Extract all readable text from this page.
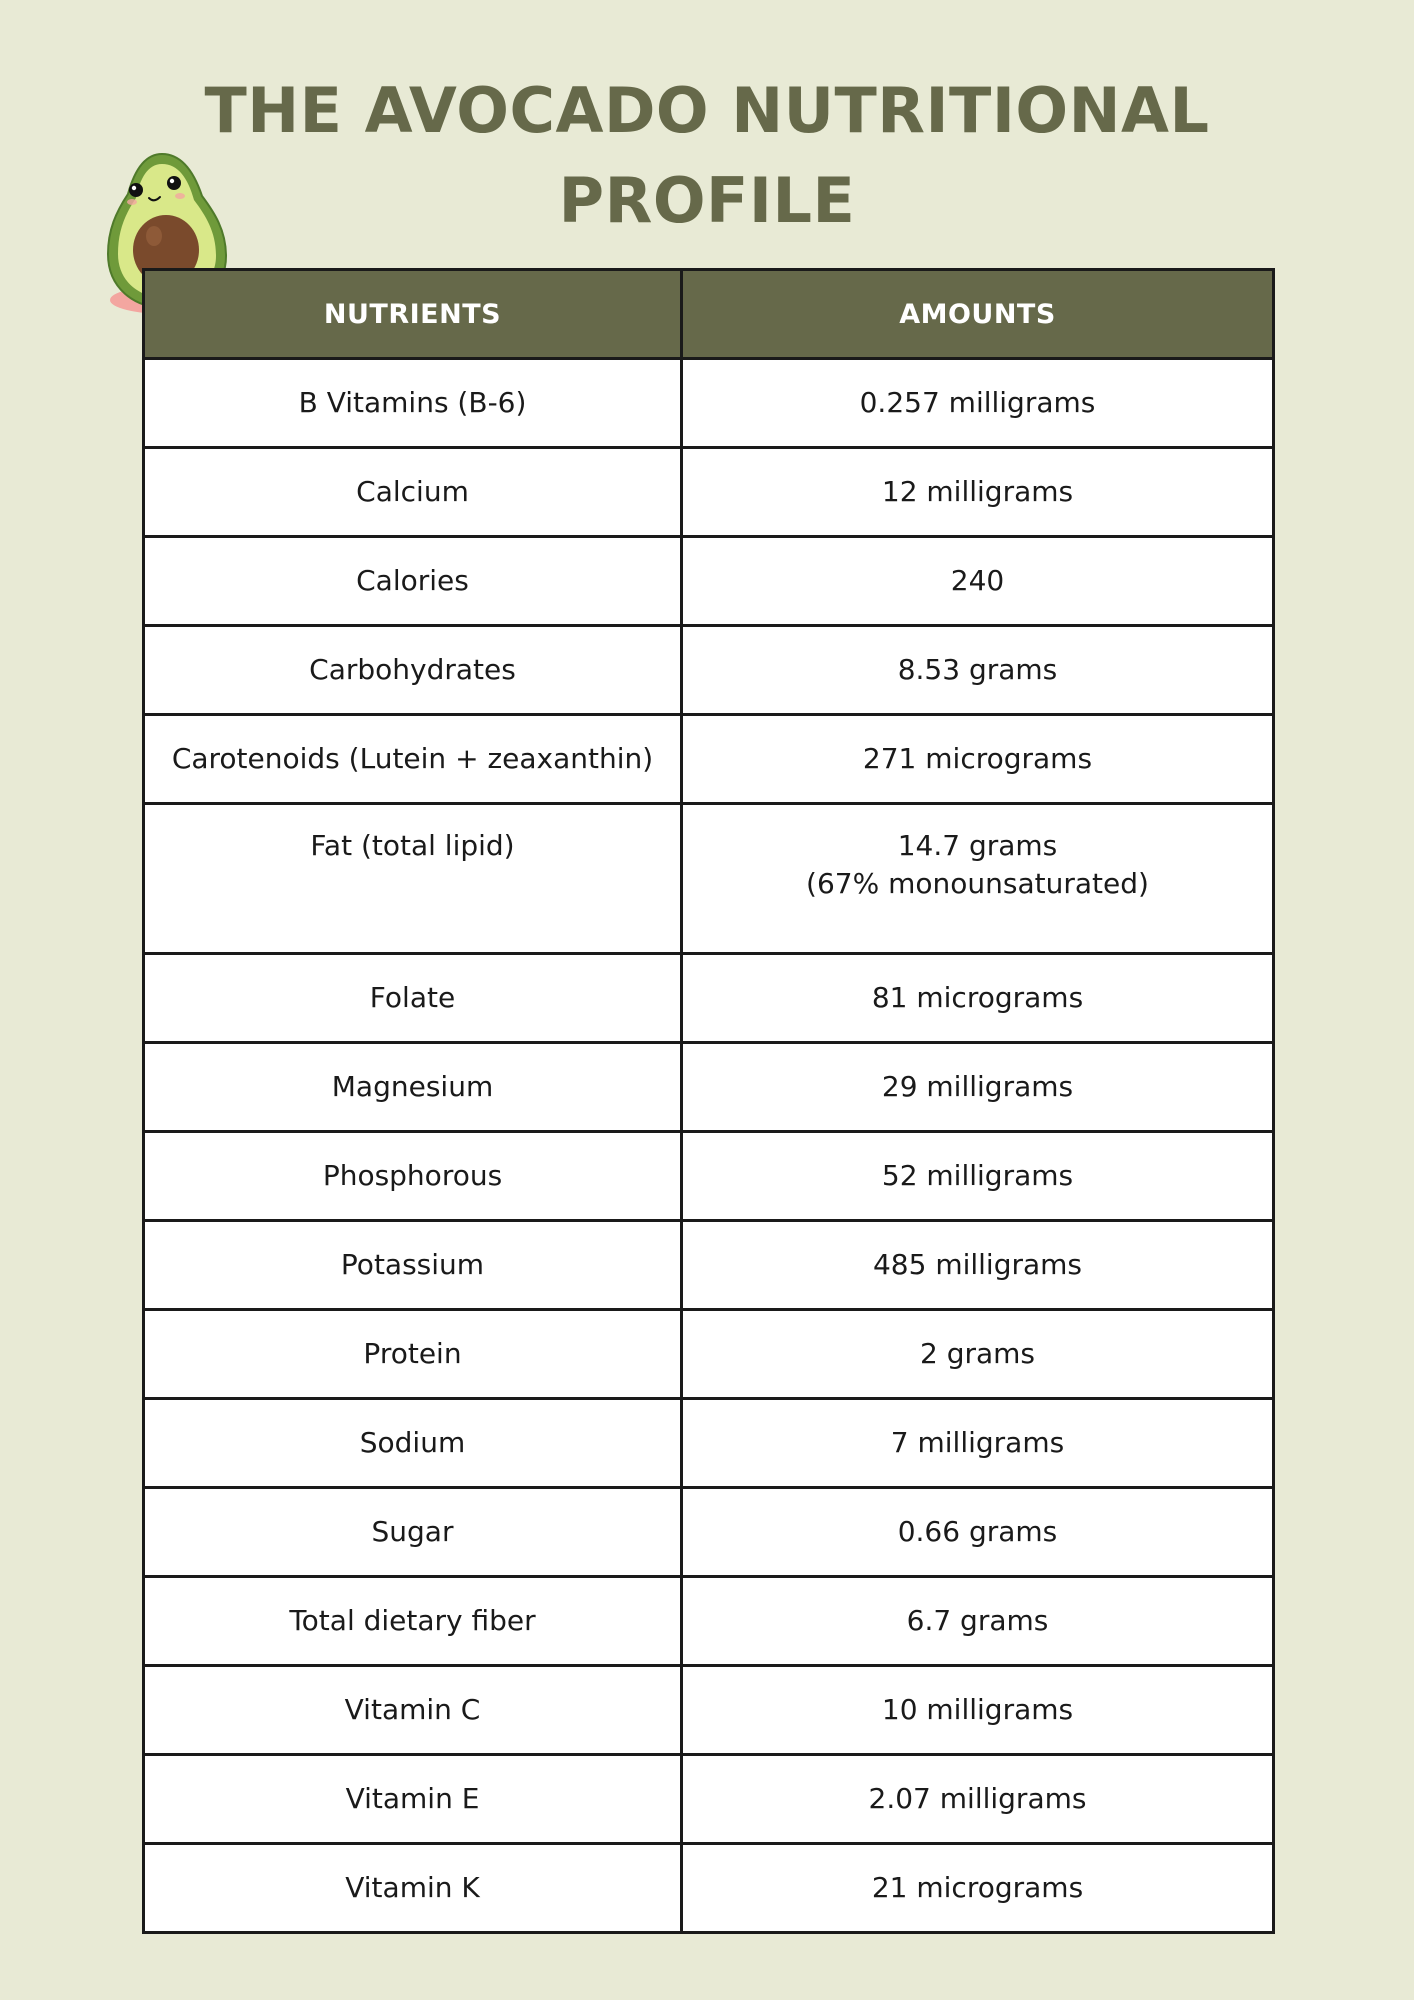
THE AVOCADO NUTRITIONAL
PROFILE
NUTRIENTS	AMOUNTS
B Vitamins (B-6)	0.257 milligrams
Calcium	12 milligrams
Calories	240
Carbohydrates	8.53 grams
Carotenoids (Lutein + zeaxanthin)	271 micrograms
Fat (total lipid)	14.7 grams
(67% monounsaturated)

Folate	81 micrograms
Magnesium	29 milligrams
Phosphorous	52 milligrams
Potassium	485 milligrams
Protein	2 grams
Sodium	7 milligrams
Sugar	0.66 grams
Total dietary fiber	6.7 grams
Vitamin C	10 milligrams
Vitamin E	2.07 milligrams
Vitamin K	21 micrograms
